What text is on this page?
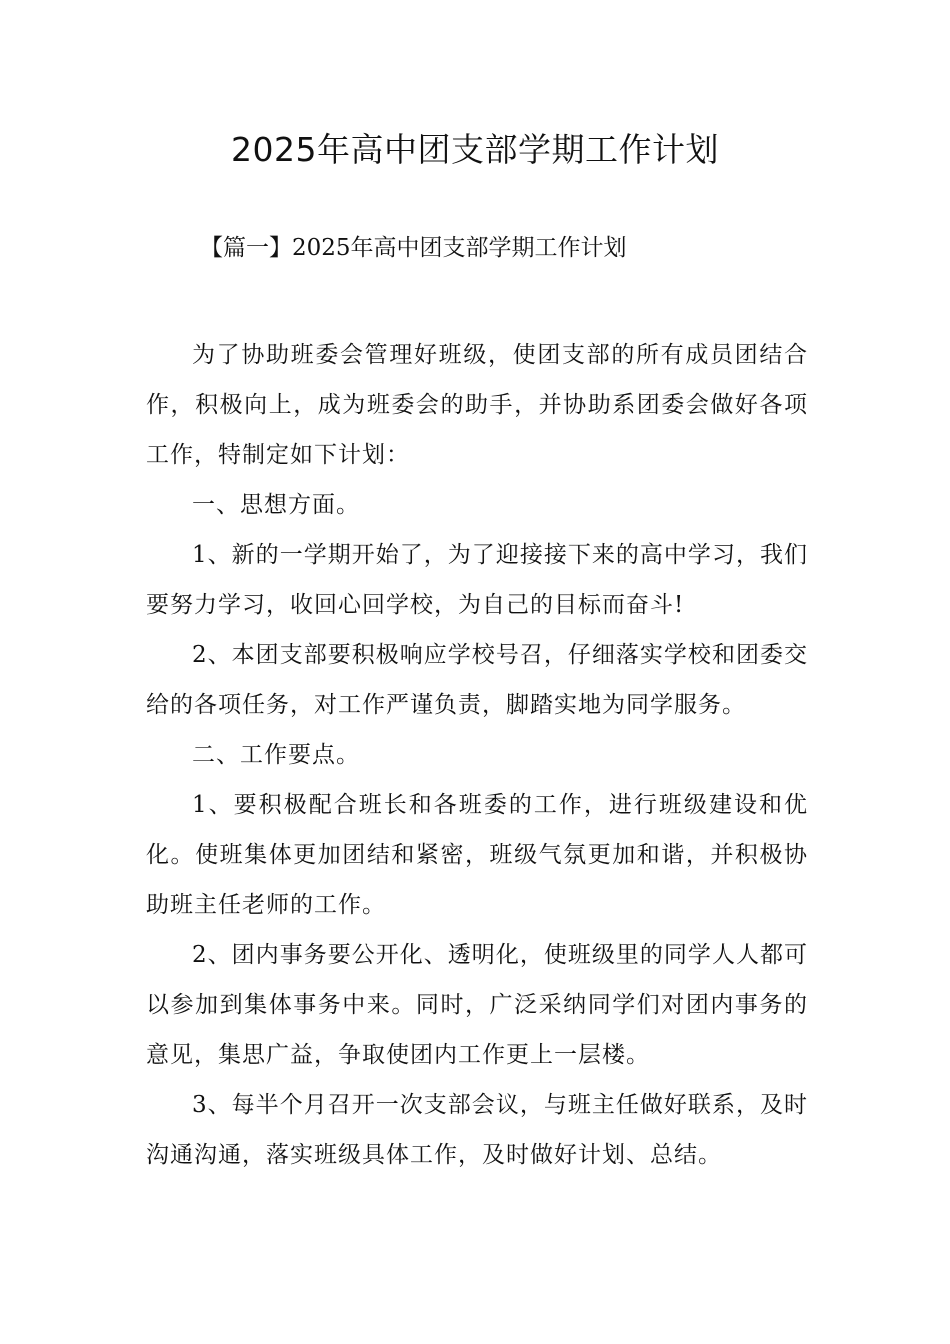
2025年高中团支部学期工作计划

【篇一】2025年高中团支部学期工作计划

为了协助班委会管理好班级，使团支部的所有成员团结合作，积极向上，成为班委会的助手，并协助系团委会做好各项工作，特制定如下计划：

一、思想方面。

1、新的一学期开始了，为了迎接接下来的高中学习，我们要努力学习，收回心回学校，为自己的目标而奋斗!

2、本团支部要积极响应学校号召，仔细落实学校和团委交给的各项任务，对工作严谨负责，脚踏实地为同学服务。

二、工作要点。

1、要积极配合班长和各班委的工作，进行班级建设和优化。使班集体更加团结和紧密，班级气氛更加和谐，并积极协助班主任老师的工作。

2、团内事务要公开化、透明化，使班级里的同学人人都可以参加到集体事务中来。同时，广泛采纳同学们对团内事务的意见，集思广益，争取使团内工作更上一层楼。

3、每半个月召开一次支部会议，与班主任做好联系，及时沟通沟通，落实班级具体工作，及时做好计划、总结。
